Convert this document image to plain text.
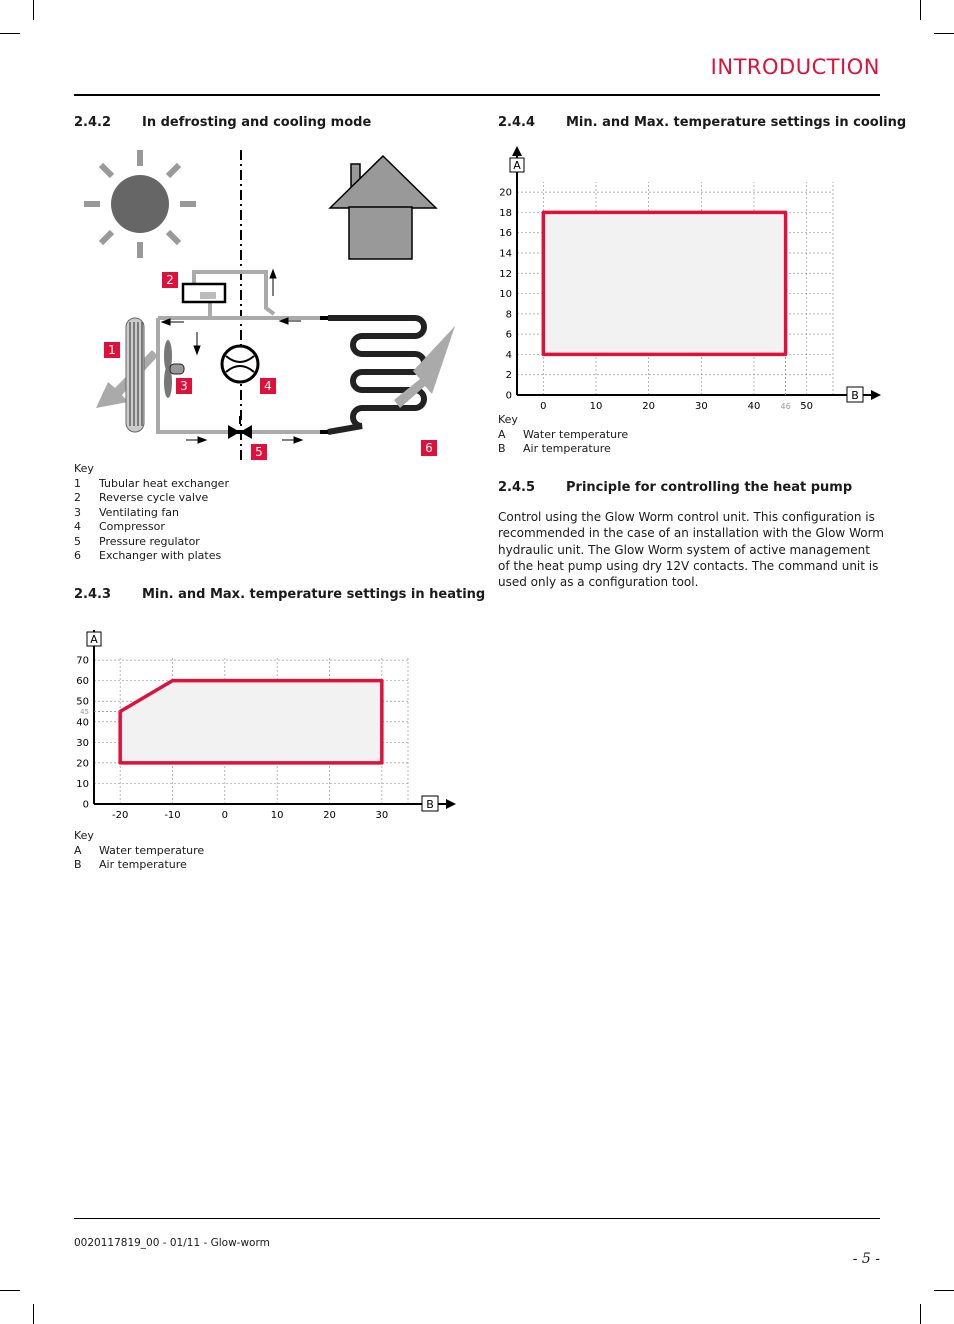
INTRODUCTION
2.4.2 In defrosting and cooling mode
1
2
3	4
5	6
Key
1	Tubular heat exchanger
2	Reverse cycle valve
3	Ventilating fan
4	Compressor
5	Pressure regulator
6	Exchanger with plates
2.4.3 Min. and Max. temperature settings in heating
A
B
-20	-10	0	10	20	30
0
10
20
30
40
50
60
70
45
Key
A	Water temperature
B	Air temperature
2.4.4 Min. and Max. temperature settings in cooling
A
B
0	10	20	30	40	50
0
2
4
6
8
10
12
14
16
18
20
46
Key
A	Water temperature
B	Air temperature
2.4.5 Principle for controlling the heat pump
Control using the Glow Worm control unit. This configuration is recommended in the case of an installation with the Glow Worm hydraulic unit. The Glow Worm system of active management of the heat pump using dry 12V contacts. The command unit is used only as a configuration tool.
0020117819_00 - 01/11 - Glow-worm
- 5 -
